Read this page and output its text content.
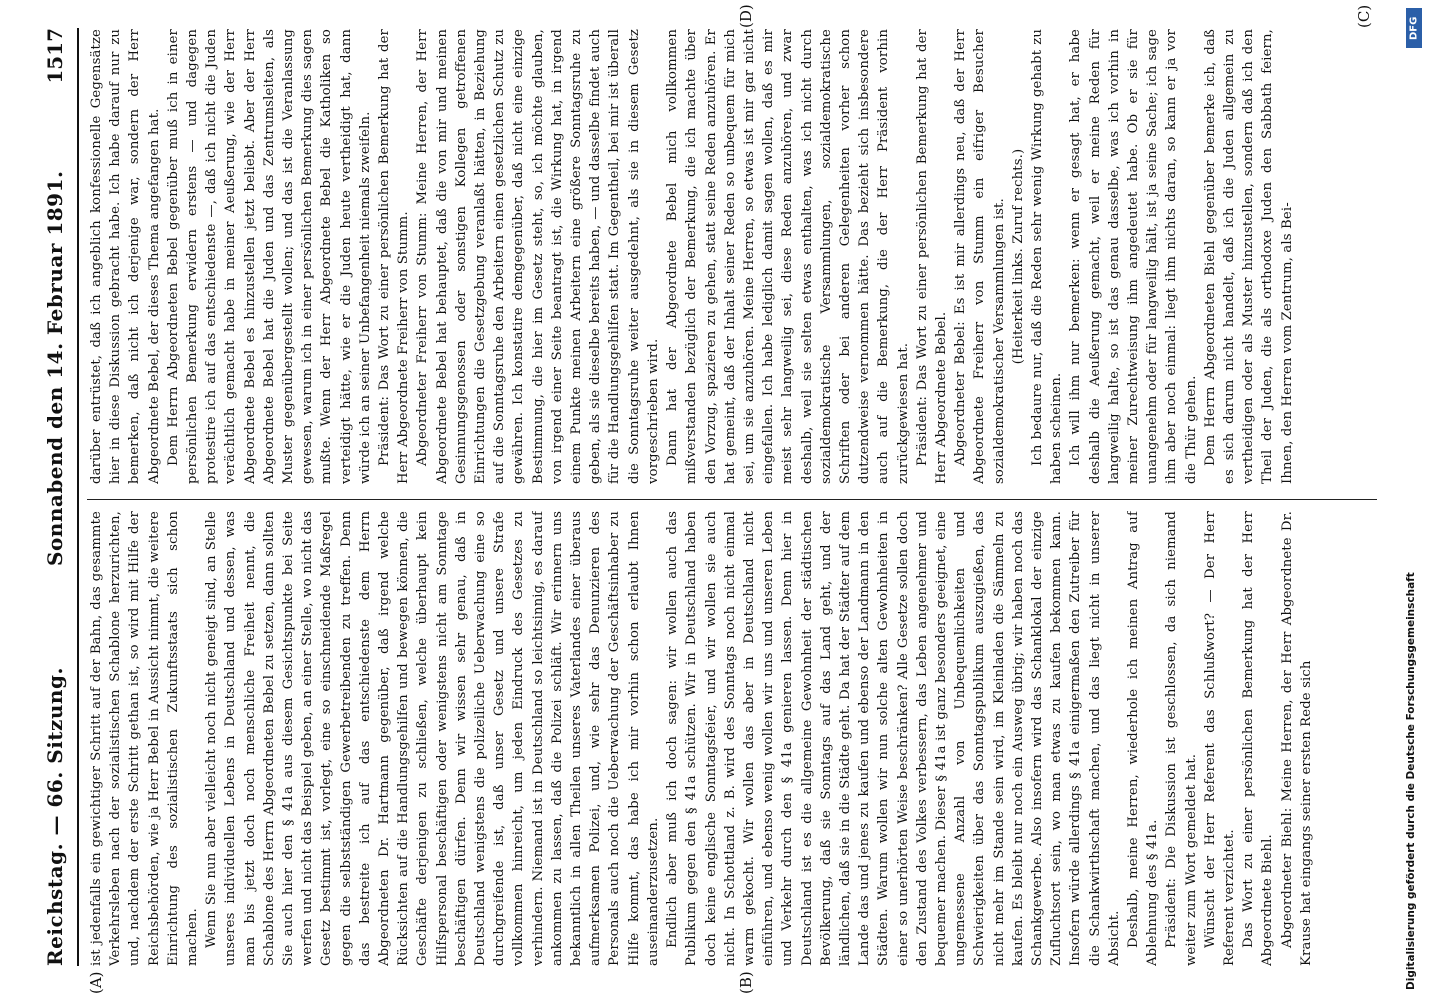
Reichstag. — 66. Sitzung.
Sonnabend den 14. Februar 1891.
1517

ist jedenfalls ein gewichtiger Schritt auf der Bahn, das gesammte Verkehrsleben nach der sozialistischen Schablone herzurichten, und, nachdem der erste Schritt gethan ist, so wird mit Hilfe der Reichsbehörden, wie ja Herr Bebel in Aussicht nimmt, die weitere Einrichtung des sozialistischen Zukunftsstaats sich schon machen. Wenn Sie nun aber vielleicht noch nicht geneigt sind, an Stelle unseres individuellen Lebens in Deutschland und dessen, was man bis jetzt doch noch menschliche Freiheit nennt, die Schablone des Herrn Abgeordneten Bebel zu setzen, dann sollten Sie auch hier den § 41a aus diesem Gesichtspunkte bei Seite werfen und nicht das Beispiel geben, an einer Stelle, wo nicht das Gesetz bestimmt ist, vorlegt, eine so einschneidende Maßregel gegen die selbstständigen Gewerbetreibenden zu treffen. Denn das bestreite ich auf das entschiedenste dem Herrn Abgeordneten Dr. Hartmann gegenüber, daß irgend welche Rücksichten auf die Handlungsgehilfen und bewegen können, die Geschäfte derjenigen zu schließen, welche überhaupt kein Hilfspersonal beschäftigen oder wenigstens nicht am Sonntage beschäftigen dürfen. Denn wir wissen sehr genau, daß in Deutschland wenigstens die polizeiliche Ueberwachung eine so durchgreifende ist, daß unser Gesetz und unsere Strafe vollkommen hinreicht, um jeden Eindruck des Gesetzes zu verhindern. Niemand ist in Deutschland so leichtsinnig, es darauf ankommen zu lassen, daß die Polizei schläft. Wir erinnern uns bekanntlich in allen Theilen unseres Vaterlandes einer überaus aufmerksamen Polizei, und, wie sehr das Denunzieren des Personals auch noch die Ueberwachung der Geschäftsinhaber zu Hilfe kommt, das habe ich mir vorhin schon erlaubt Ihnen auseinanderzusetzen. Endlich aber muß ich doch sagen: wir wollen auch das Publikum gegen den § 41a schützen. Wir in Deutschland haben doch keine englische Sonntagsfeier, und wir wollen sie auch nicht. In Schottland z. B. wird des Sonntags noch nicht einmal warm gekocht. Wir wollen das aber in Deutschland nicht einführen, und ebenso wenig wollen wir uns und unseren Leben und Verkehr durch den § 41a genieren lassen. Denn hier in Deutschland ist es die allgemeine Gewohnheit der städtischen Bevölkerung, daß sie Sonntags auf das Land geht, und der ländlichen, daß sie in die Städte geht. Da hat der Städter auf dem Lande das und jenes zu kaufen und ebenso der Landmann in den Städten. Warum wollen wir nun solche alten Gewohnheiten in einer so unerhörten Weise beschränken? Alle Gesetze sollen doch den Zustand des Volkes verbessern, das Leben angenehmer und bequemer machen. Dieser § 41a ist ganz besonders geeignet, eine ungemessene Anzahl von Unbequemlichkeiten und Schwierigkeiten über das Sonntagspublikum auszugießen, das nicht mehr im Stande sein wird, im Kleinladen die Sämmeln zu kaufen. Es bleibt nur noch ein Ausweg übrig; wir haben noch das Schankgewerbe. Also insofern wird das Schanklokal der einzige Zufluchtsort sein, wo man etwas zu kaufen bekommen kann. Insofern würde allerdings § 41a einigermaßen den Zutreiber für die Schankwirthschaft machen, und das liegt nicht in unserer Absicht. Deshalb, meine Herren, wiederhole ich meinen Antrag auf Ablehnung des § 41a. Präsident: Die Diskussion ist geschlossen, da sich niemand weiter zum Wort gemeldet hat. Wünscht der Herr Referent das Schlußwort? — Der Herr Referent verzichtet. Das Wort zu einer persönlichen Bemerkung hat der Herr Abgeordnete Biehl. Abgeordneter Biehl: Meine Herren, der Herr Abgeordnete Dr. Krause hat eingangs seiner ersten Rede sich

darüber entrüstet, daß ich angeblich konfessionelle Gegensätze hier in diese Diskussion gebracht habe. Ich habe darauf nur zu bemerken, daß nicht ich derjenige war, sondern der Herr Abgeordnete Bebel, der dieses Thema angefangen hat. Dem Herrn Abgeordneten Bebel gegenüber muß ich in einer persönlichen Bemerkung erwidern erstens — und dagegen protestire ich auf das entschiedenste —, daß ich nicht die Juden verächtlich gemacht habe in meiner Aeußerung, wie der Herr Abgeordnete Bebel es hinzustellen jetzt beliebt. Aber der Herr Abgeordnete Bebel hat die Juden und das Zentrumsleiten, als Muster gegenübergestellt wollen; und das ist die Veranlassung gewesen, warum ich in einer persönlichen Bemerkung dies sagen mußte. Wenn der Herr Abgeordnete Bebel die Katholiken so verteidigt hätte, wie er die Juden heute vertheidigt hat, dann würde ich an seiner Unbefangenheit niemals zweifeln. Präsident: Das Wort zu einer persönlichen Bemerkung hat der Herr Abgeordnete Freiherr von Stumm. Abgeordneter Freiherr von Stumm: Meine Herren, der Herr Abgeordnete Bebel hat behauptet, daß die von mir und meinen Gesinnungsgenossen oder sonstigen Kollegen getroffenen Einrichtungen die Gesetzgebung veranlaßt hätten, in Beziehung auf die Sonntagsruhe den Arbeitern einen gesetzlichen Schutz zu gewähren. Ich konstatire demgegenüber, daß nicht eine einzige Bestimmung, die hier im Gesetz steht, so, ich möchte glauben, von irgend einer Seite beantragt ist, die Wirkung hat, in irgend einem Punkte meinen Arbeitern eine größere Sonntagsruhe zu geben, als sie dieselbe bereits haben, — und dasselbe findet auch für die Handlungsgehilfen statt. Im Gegentheil, bei mir ist überall die Sonntagsruhe weiter ausgedehnt, als sie in diesem Gesetz vorgeschrieben wird. Dann hat der Abgeordnete Bebel mich vollkommen mißverstanden bezüglich der Bemerkung, die ich machte über den Vorzug, spazieren zu gehen, statt seine Reden anzuhören. Er hat gemeint, daß der Inhalt seiner Reden so unbequem für mich sei, um sie anzuhören. Meine Herren, so etwas ist mir gar nicht eingefallen. Ich habe lediglich damit sagen wollen, daß es mir meist sehr langweilig sei, diese Reden anzuhören, und zwar deshalb, weil sie selten etwas enthalten, was ich nicht durch sozialdemokratische Versammlungen, sozialdemokratische Schriften oder bei anderen Gelegenheiten vorher schon dutzendweise vernommen hätte. Das bezieht sich insbesondere auch auf die Bemerkung, die der Herr Präsident vorhin zurückgewiesen hat. Präsident: Das Wort zu einer persönlichen Bemerkung hat der Herr Abgeordnete Bebel. Abgeordneter Bebel: Es ist mir allerdings neu, daß der Herr Abgeordnete Freiherr von Stumm ein eifriger Besucher sozialdemokratischer Versammlungen ist. (Heiterkeit links. Zuruf rechts.) Ich bedaure nur, daß die Reden sehr wenig Wirkung gehabt zu haben scheinen. Ich will ihm nur bemerken: wenn er gesagt hat, er habe deshalb die Aeußerung gemacht, weil er meine Reden für langweilig halte, so ist das genau dasselbe, was ich vorhin in meiner Zurechtweisung ihm angedeutet habe. Ob er sie für unangenehm oder für langweilig hält, ist ja seine Sache; ich sage ihm aber noch einmal: liegt ihm nichts daran, so kann er ja vor die Thür gehen. Dem Herrn Abgeordneten Biehl gegenüber bemerke ich, daß es sich darum nicht handelt, daß ich die Juden allgemein zu vertheidigen oder als Muster hinzustellen, sondern daß ich den Theil der Juden, die als orthodoxe Juden den Sabbath feiern, Ihnen, den Herren vom Zentrum, als Bei-

(A)	(B)
(C)
(D)
Digitalisierung gefördert durch die Deutsche Forschungsgemeinschaft
DFG
